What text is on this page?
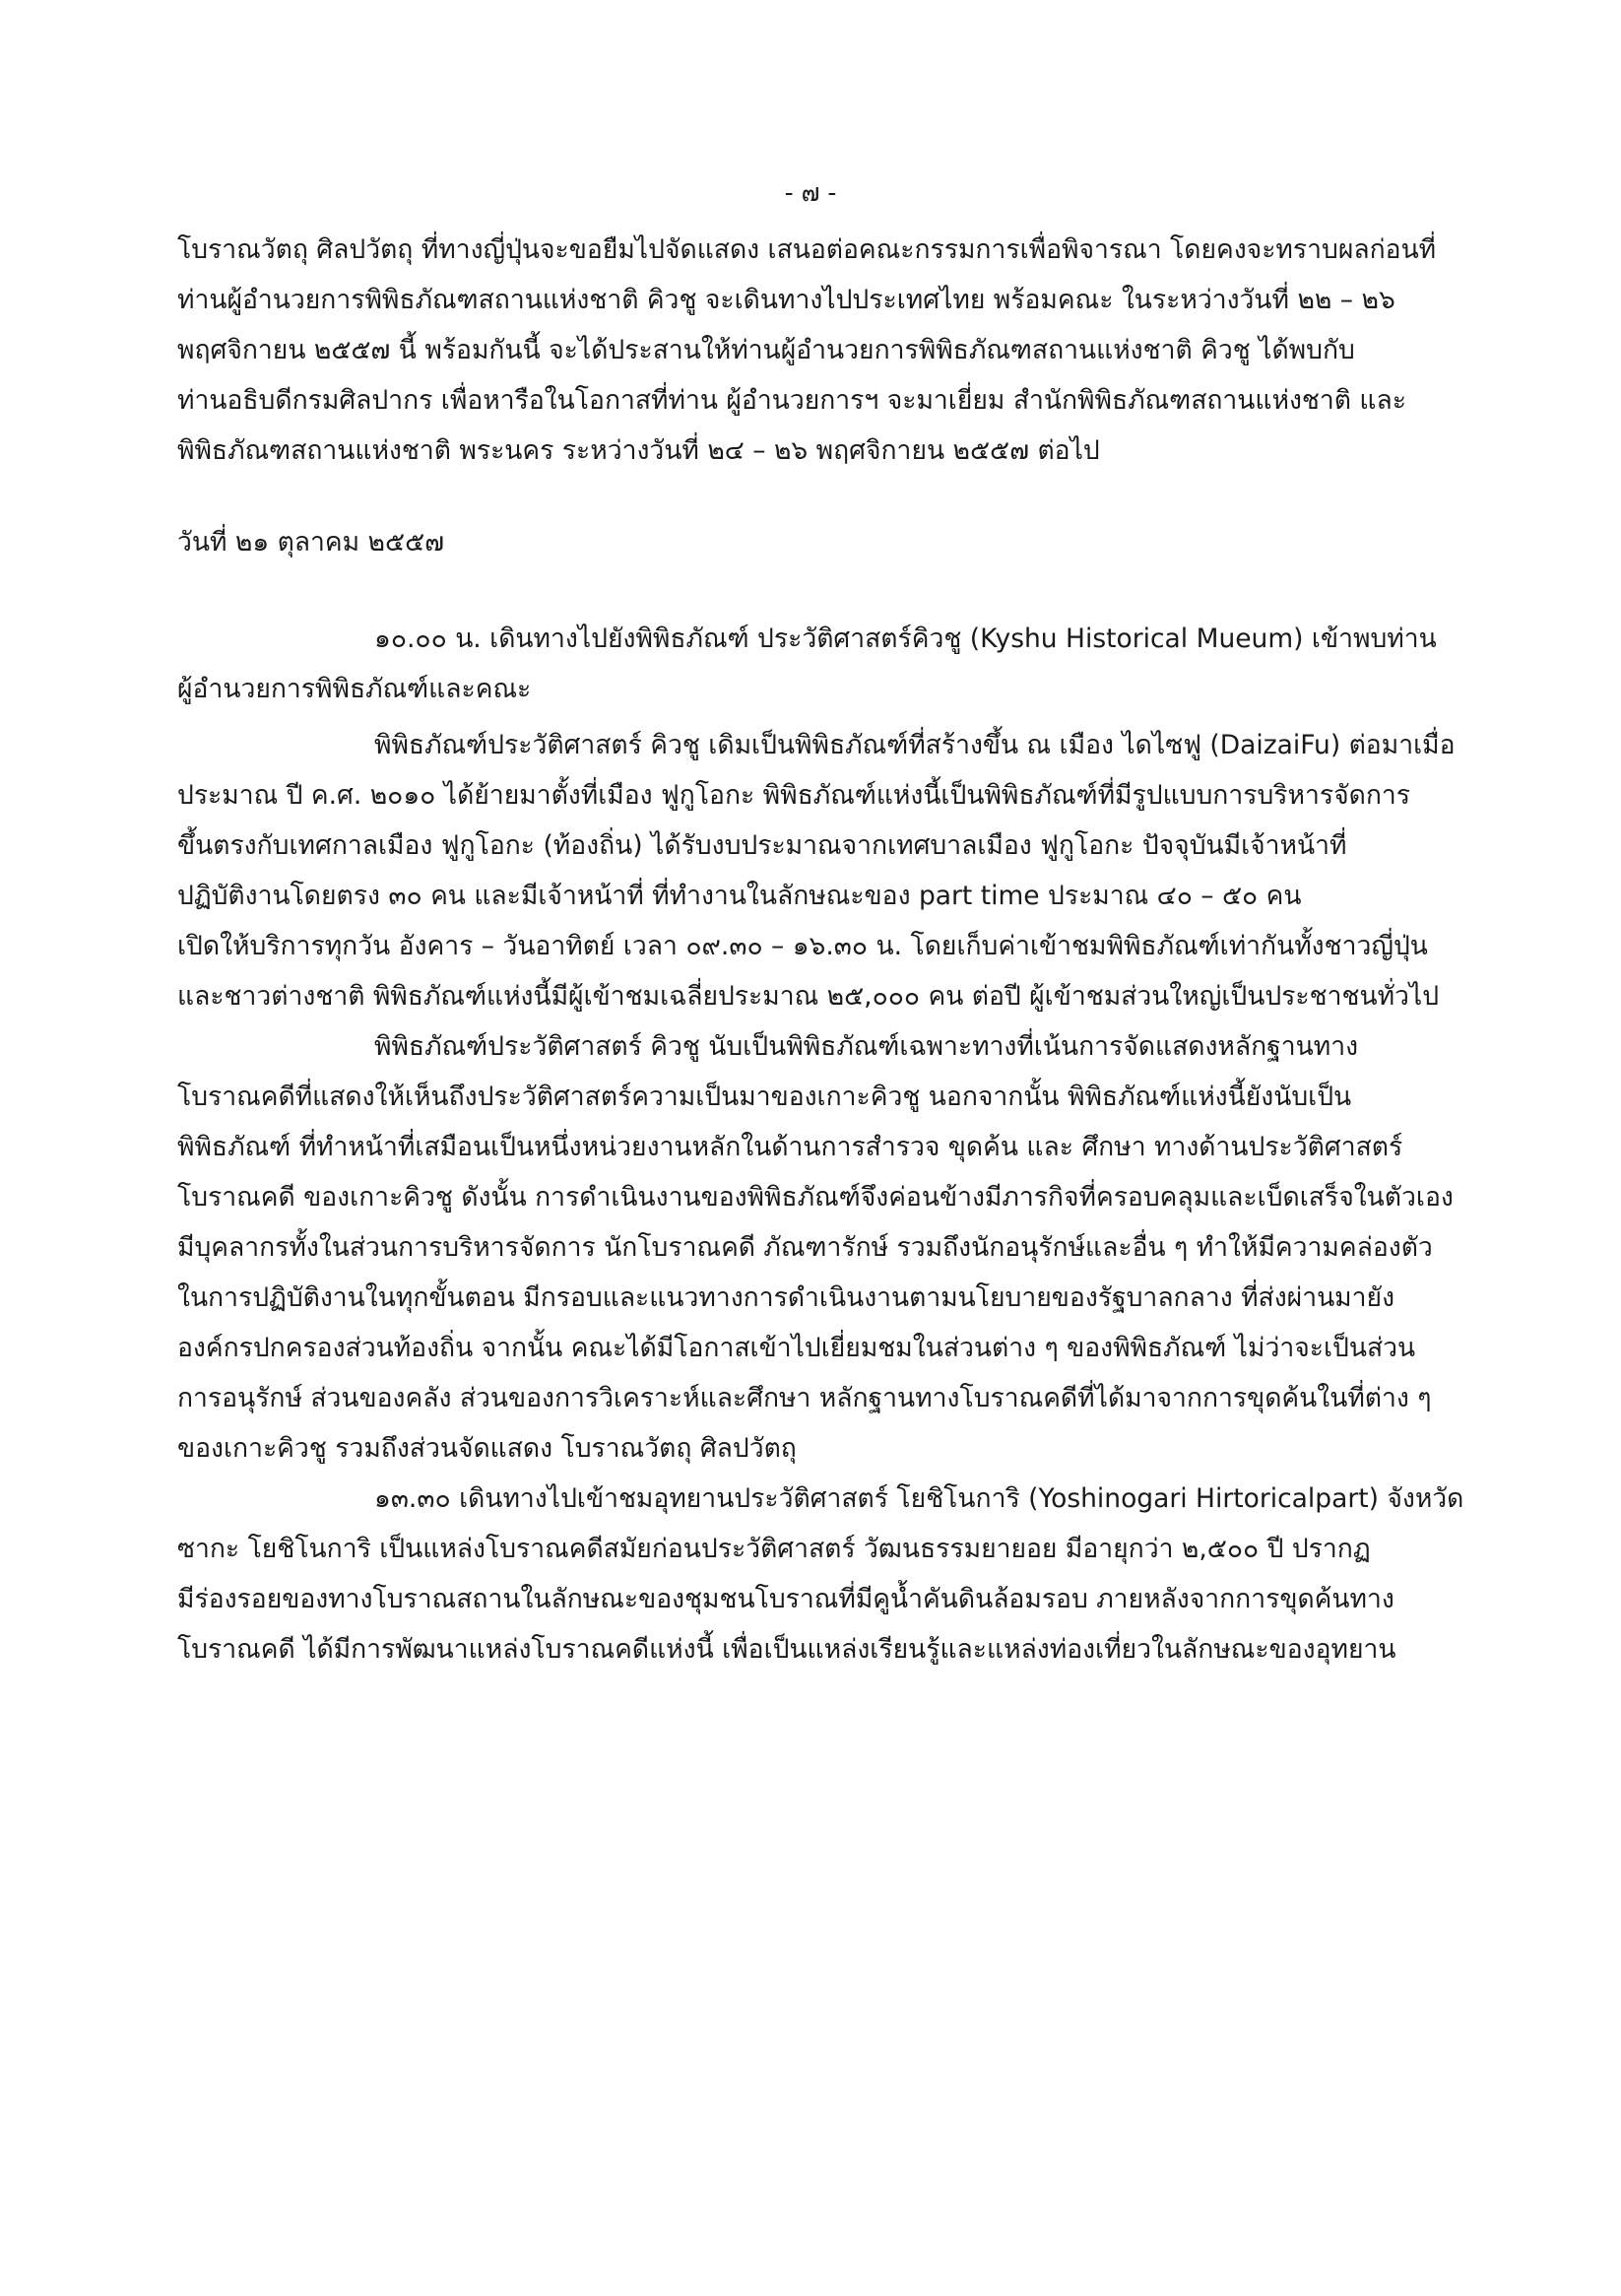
- ๗ -

โบราณวัตถุ ศิลปวัตถุ ที่ทางญี่ปุ่นจะขอยืมไปจัดแสดง เสนอต่อคณะกรรมการเพื่อพิจารณา โดยคงจะทราบผลก่อนที่

ท่านผู้อำนวยการพิพิธภัณฑสถานแห่งชาติ คิวชู จะเดินทางไปประเทศไทย พร้อมคณะ ในระหว่างวันที่ ๒๒ – ๒๖

พฤศจิกายน ๒๕๕๗ นี้ พร้อมกันนี้ จะได้ประสานให้ท่านผู้อำนวยการพิพิธภัณฑสถานแห่งชาติ คิวชู ได้พบกับ

ท่านอธิบดีกรมศิลปากร เพื่อหารือในโอกาสที่ท่าน ผู้อำนวยการฯ จะมาเยี่ยม สำนักพิพิธภัณฑสถานแห่งชาติ และ

พิพิธภัณฑสถานแห่งชาติ พระนคร ระหว่างวันที่ ๒๔ – ๒๖ พฤศจิกายน ๒๕๕๗ ต่อไป

วันที่ ๒๑ ตุลาคม ๒๕๕๗

๑๐.๐๐ น. เดินทางไปยังพิพิธภัณฑ์ ประวัติศาสตร์คิวชู (Kyshu Historical Mueum) เข้าพบท่าน

ผู้อำนวยการพิพิธภัณฑ์และคณะ

พิพิธภัณฑ์ประวัติศาสตร์ คิวชู เดิมเป็นพิพิธภัณฑ์ที่สร้างขึ้น ณ เมือง ไดไซฟู (DaizaiFu) ต่อมาเมื่อ

ประมาณ ปี ค.ศ. ๒๐๑๐ ได้ย้ายมาตั้งที่เมือง ฟูกูโอกะ พิพิธภัณฑ์แห่งนี้เป็นพิพิธภัณฑ์ที่มีรูปแบบการบริหารจัดการ

ขึ้นตรงกับเทศกาลเมือง ฟูกูโอกะ (ท้องถิ่น) ได้รับงบประมาณจากเทศบาลเมือง ฟูกูโอกะ ปัจจุบันมีเจ้าหน้าที่

ปฏิบัติงานโดยตรง ๓๐ คน และมีเจ้าหน้าที่ ที่ทำงานในลักษณะของ part time ประมาณ ๔๐ – ๕๐ คน

เปิดให้บริการทุกวัน อังคาร – วันอาทิตย์ เวลา ๐๙.๓๐ – ๑๖.๓๐ น. โดยเก็บค่าเข้าชมพิพิธภัณฑ์เท่ากันทั้งชาวญี่ปุ่น

และชาวต่างชาติ พิพิธภัณฑ์แห่งนี้มีผู้เข้าชมเฉลี่ยประมาณ ๒๕,๐๐๐ คน ต่อปี ผู้เข้าชมส่วนใหญ่เป็นประชาชนทั่วไป

พิพิธภัณฑ์ประวัติศาสตร์ คิวชู นับเป็นพิพิธภัณฑ์เฉพาะทางที่เน้นการจัดแสดงหลักฐานทาง

โบราณคดีที่แสดงให้เห็นถึงประวัติศาสตร์ความเป็นมาของเกาะคิวชู นอกจากนั้น พิพิธภัณฑ์แห่งนี้ยังนับเป็น

พิพิธภัณฑ์ ที่ทำหน้าที่เสมือนเป็นหนึ่งหน่วยงานหลักในด้านการสำรวจ ขุดค้น และ ศึกษา ทางด้านประวัติศาสตร์

โบราณคดี ของเกาะคิวชู ดังนั้น การดำเนินงานของพิพิธภัณฑ์จึงค่อนข้างมีภารกิจที่ครอบคลุมและเบ็ดเสร็จในตัวเอง

มีบุคลากรทั้งในส่วนการบริหารจัดการ นักโบราณคดี ภัณฑารักษ์ รวมถึงนักอนุรักษ์และอื่น ๆ ทำให้มีความคล่องตัว

ในการปฏิบัติงานในทุกขั้นตอน มีกรอบและแนวทางการดำเนินงานตามนโยบายของรัฐบาลกลาง ที่ส่งผ่านมายัง

องค์กรปกครองส่วนท้องถิ่น จากนั้น คณะได้มีโอกาสเข้าไปเยี่ยมชมในส่วนต่าง ๆ ของพิพิธภัณฑ์ ไม่ว่าจะเป็นส่วน

การอนุรักษ์ ส่วนของคลัง ส่วนของการวิเคราะห์และศึกษา หลักฐานทางโบราณคดีที่ได้มาจากการขุดค้นในที่ต่าง ๆ

ของเกาะคิวชู รวมถึงส่วนจัดแสดง โบราณวัตถุ ศิลปวัตถุ

๑๓.๓๐ เดินทางไปเข้าชมอุทยานประวัติศาสตร์ โยชิโนการิ (Yoshinogari Hirtoricalpart) จังหวัด

ซากะ โยชิโนการิ เป็นแหล่งโบราณคดีสมัยก่อนประวัติศาสตร์ วัฒนธรรมยายอย มีอายุกว่า ๒,๕๐๐ ปี ปรากฏ

มีร่องรอยของทางโบราณสถานในลักษณะของชุมชนโบราณที่มีคูน้ำคันดินล้อมรอบ ภายหลังจากการขุดค้นทาง

โบราณคดี ได้มีการพัฒนาแหล่งโบราณคดีแห่งนี้ เพื่อเป็นแหล่งเรียนรู้และแหล่งท่องเที่ยวในลักษณะของอุทยาน
